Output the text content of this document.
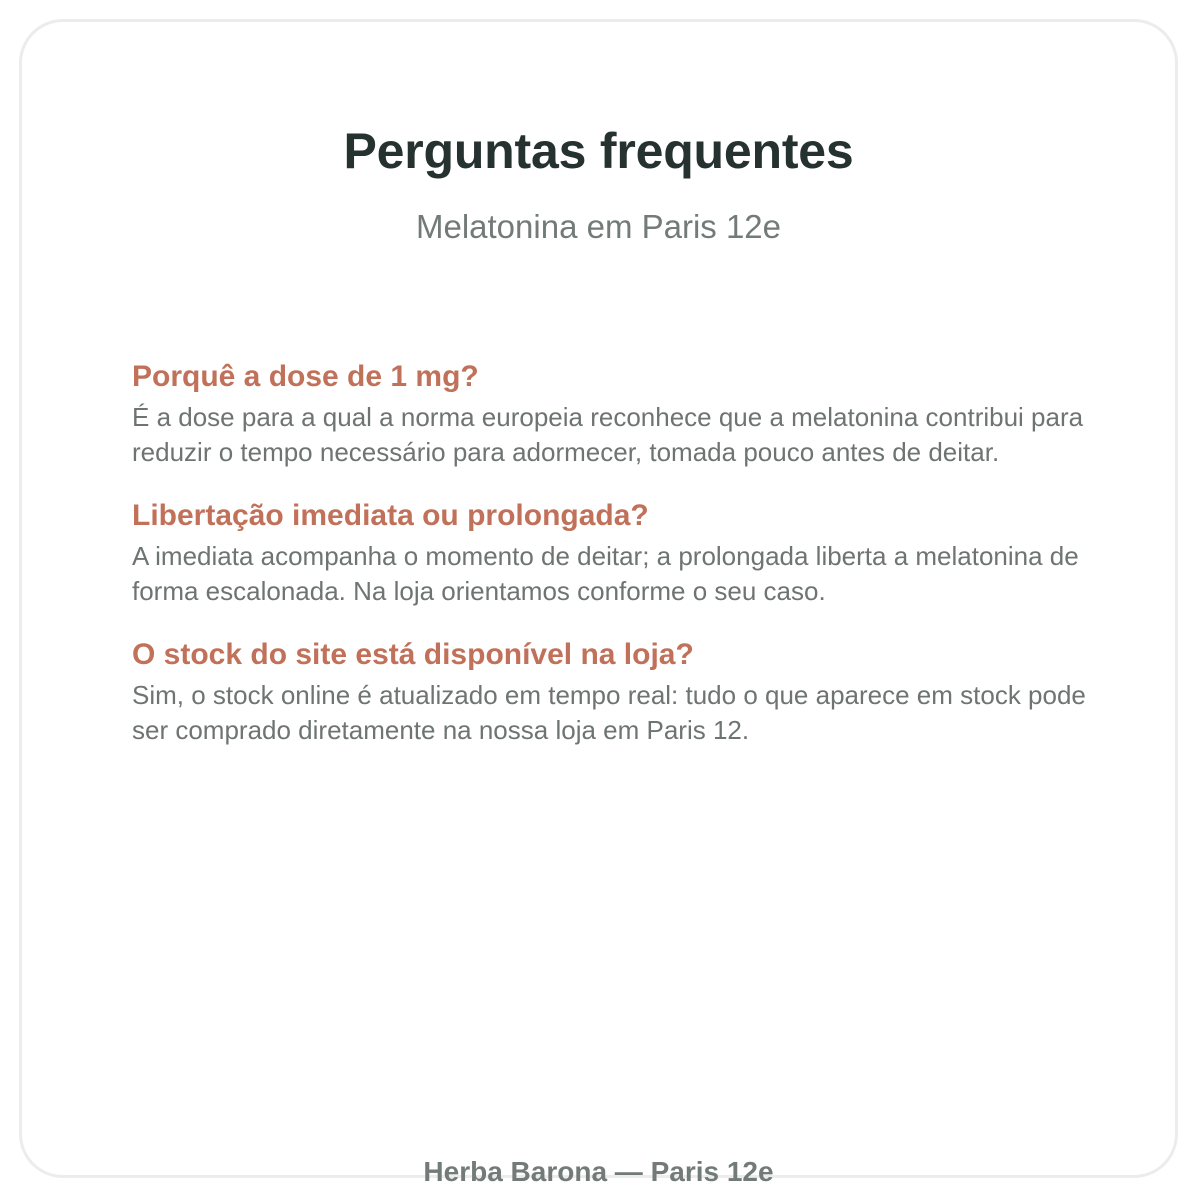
Perguntas frequentes

Melatonina em Paris 12e

Porquê a dose de 1 mg?

É a dose para a qual a norma europeia reconhece que a melatonina contribui para reduzir o tempo necessário para adormecer, tomada pouco antes de deitar.

Libertação imediata ou prolongada?

A imediata acompanha o momento de deitar; a prolongada liberta a melatonina de forma escalonada. Na loja orientamos conforme o seu caso.

O stock do site está disponível na loja?

Sim, o stock online é atualizado em tempo real: tudo o que aparece em stock pode ser comprado diretamente na nossa loja em Paris 12.

Herba Barona — Paris 12e
